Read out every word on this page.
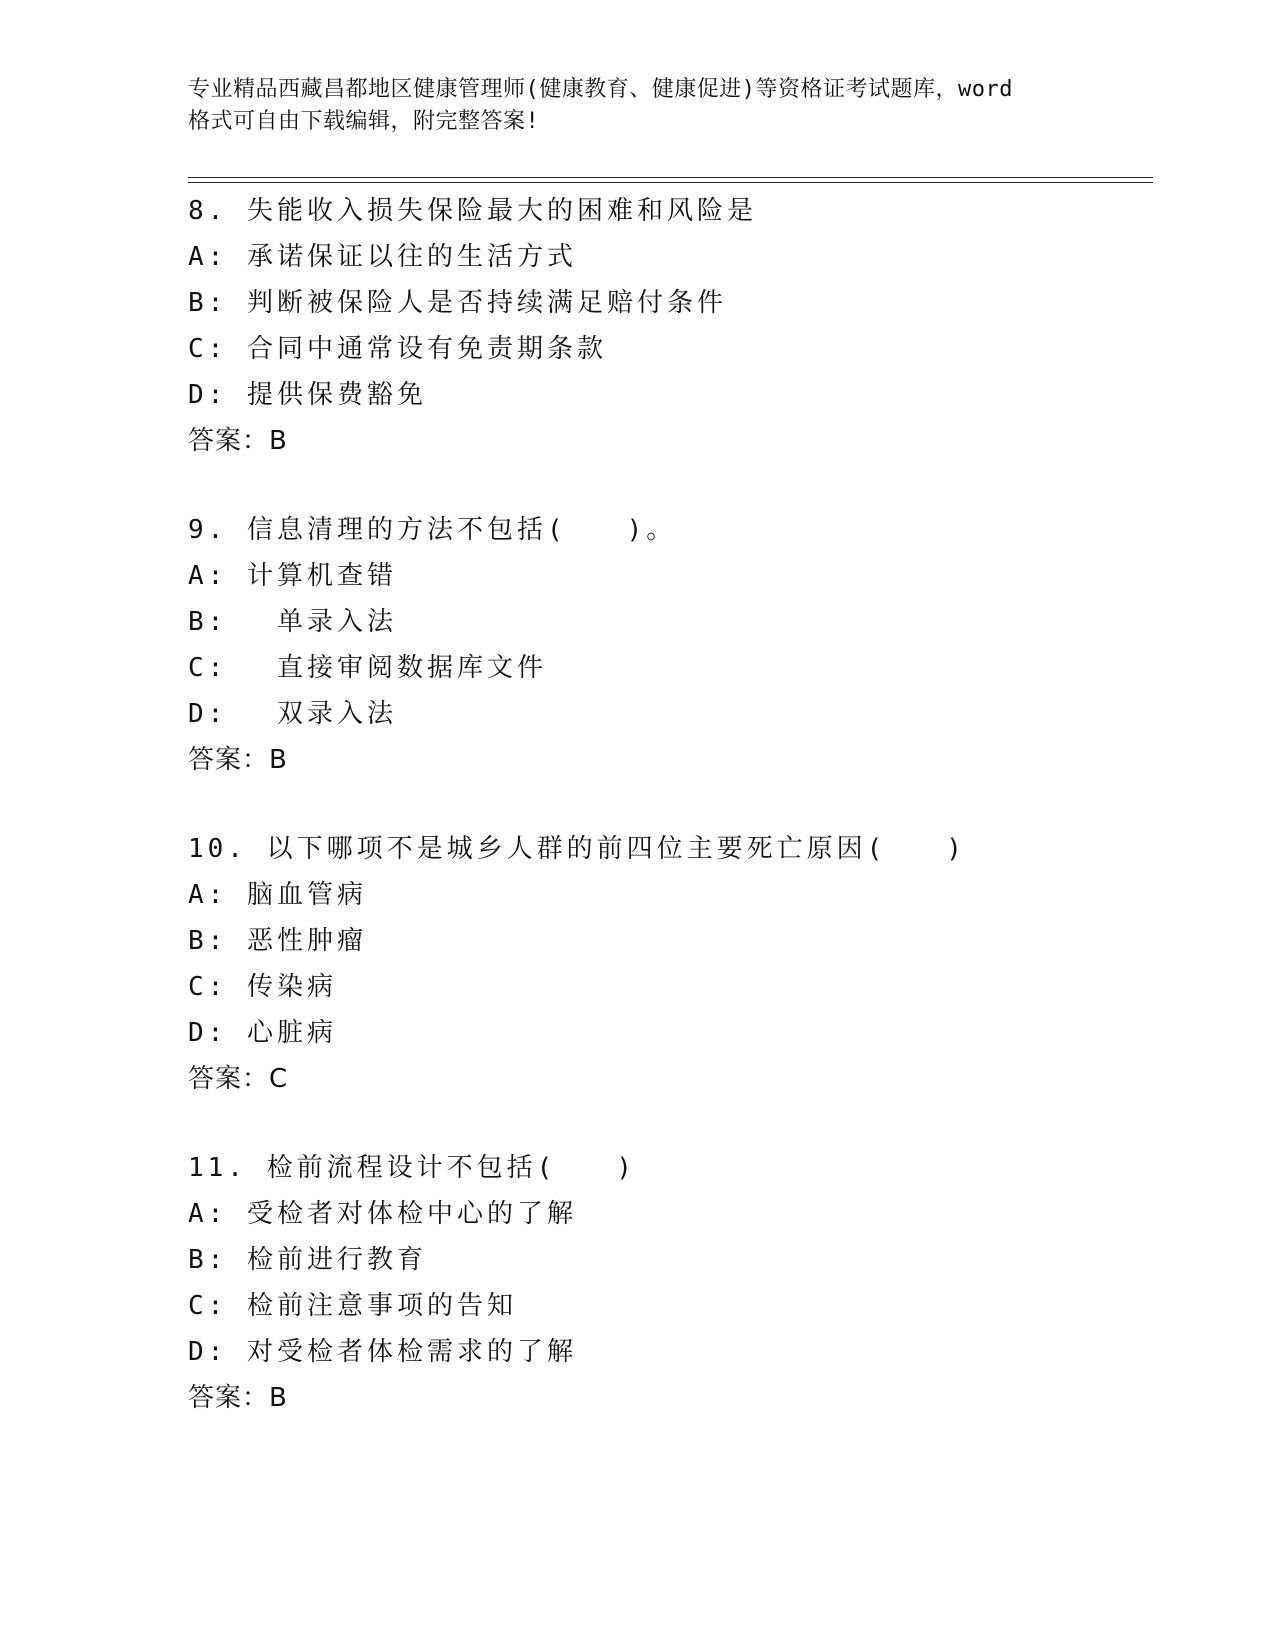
专业精品西藏昌都地区健康管理师(健康教育、健康促进)等资格证考试题库，word
格式可自由下载编辑，附完整答案!
8. 失能收入损失保险最大的困难和风险是
A: 承诺保证以往的生活方式
B: 判断被保险人是否持续满足赔付条件
C: 合同中通常设有免责期条款
D: 提供保费豁免
答案：B
9. 信息清理的方法不包括(　　)。
A: 计算机查错
B: 　单录入法
C: 　直接审阅数据库文件
D: 　双录入法
答案：B
10. 以下哪项不是城乡人群的前四位主要死亡原因(　　)
A: 脑血管病
B: 恶性肿瘤
C: 传染病
D: 心脏病
答案：C
11. 检前流程设计不包括(　　)
A: 受检者对体检中心的了解
B: 检前进行教育
C: 检前注意事项的告知
D: 对受检者体检需求的了解
答案：B
